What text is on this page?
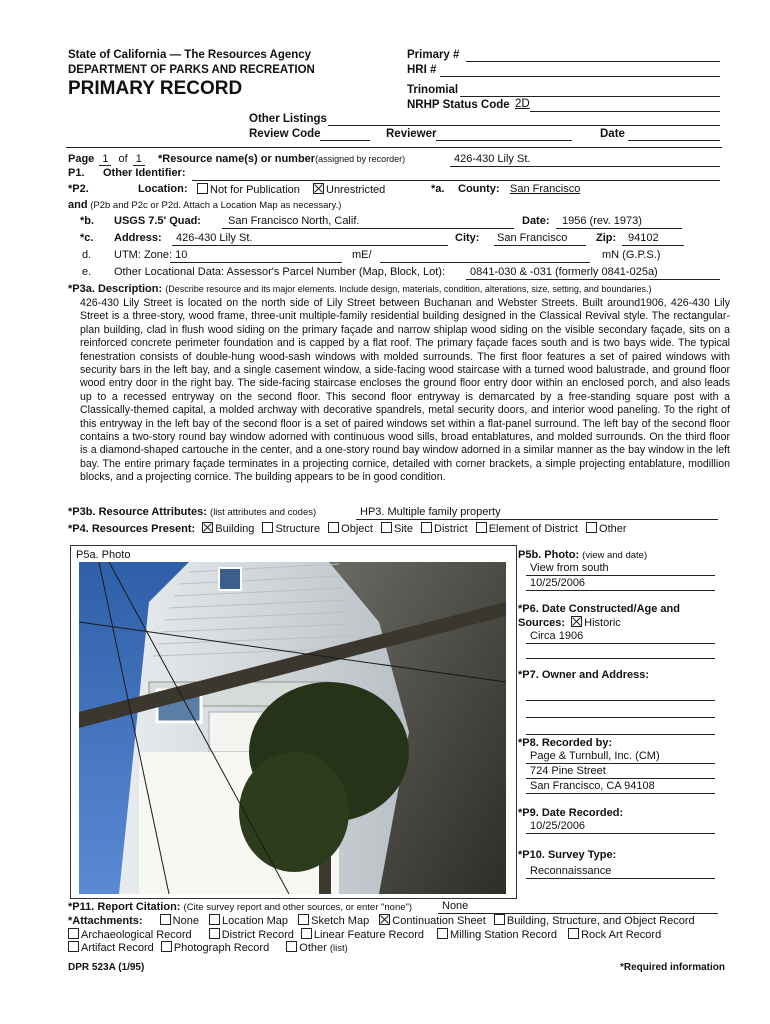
State of California — The Resources Agency
DEPARTMENT OF PARKS AND RECREATION
PRIMARY RECORD
Primary #
HRI #
Trinomial
NRHP Status Code 2D
Other Listings
Review Code	Reviewer	Date
Page 1 of 1 *Resource name(s) or number(assigned by recorder)	426-430 Lily St.
P1. Other Identifier:
*P2.	Location:	Not for Publication	Unrestricted	*a. County: San Francisco
and (P2b and P2c or P2d. Attach a Location Map as necessary.)
*b. USGS 7.5' Quad: San Francisco North, Calif.	Date: 1956 (rev. 1973)
*c. Address: 426-430 Lily St.	City: San Francisco	Zip: 94102
d. UTM: Zone: 10	mE/	mN (G.P.S.)
e. Other Locational Data: Assessor's Parcel Number (Map, Block, Lot): 0841-030 & -031 (formerly 0841-025a)
*P3a. Description: (Describe resource and its major elements. Include design, materials, condition, alterations, size, setting, and boundaries.)

426-430 Lily Street is located on the north side of Lily Street between Buchanan and Webster Streets. Built around1906, 426-430 Lily Street is a three-story, wood frame, three-unit multiple-family residential building designed in the Classical Revival style. The rectangular-plan building, clad in flush wood siding on the primary façade and narrow shiplap wood siding on the visible secondary façade, sits on a reinforced concrete perimeter foundation and is capped by a flat roof. The primary façade faces south and is two bays wide. The typical fenestration consists of double-hung wood-sash windows with molded surrounds. The first floor features a set of paired windows with security bars in the left bay, and a single casement window, a side-facing wood staircase with a turned wood balustrade, and ground floor wood entry door in the right bay. The side-facing staircase encloses the ground floor entry door within an enclosed porch, and also leads up to a recessed entryway on the second floor. This second floor entryway is demarcated by a free-standing square post with a Classically-themed capital, a molded archway with decorative spandrels, metal security doors, and interior wood paneling. To the right of this entryway in the left bay of the second floor is a set of paired windows set within a flat-panel surround. The left bay of the second floor contains a two-story round bay window adorned with continuous wood sills, broad entablatures, and molded surrounds. On the third floor is a diamond-shaped cartouche in the center, and a one-story round bay window adorned in a similar manner as the bay window in the left bay. The entire primary façade terminates in a projecting cornice, detailed with corner brackets, a simple projecting entablature, modillion blocks, and a projecting cornice. The building appears to be in good condition.

*P3b. Resource Attributes: (list attributes and codes)	HP3. Multiple family property
*P4. Resources Present: Building Structure Object Site District Element of District Other
P5a. Photo	P5b. Photo: (view and date)
View from south
10/25/2006
*P6. Date Constructed/Age and
Sources: Historic
Circa 1906
*P7. Owner and Address:
*P8. Recorded by:
Page & Turnbull, Inc. (CM)
724 Pine Street
San Francisco, CA 94108
*P9. Date Recorded:
10/25/2006
*P10. Survey Type:
Reconnaissance
*P11. Report Citation: (Cite survey report and other sources, or enter "none")	None
*Attachments:	None Location Map Sketch Map Continuation Sheet Building, Structure, and Object Record
Archaeological Record	District Record Linear Feature Record Milling Station Record Rock Art Record
Artifact Record Photograph Record	Other (list)
DPR 523A (1/95)	*Required information
